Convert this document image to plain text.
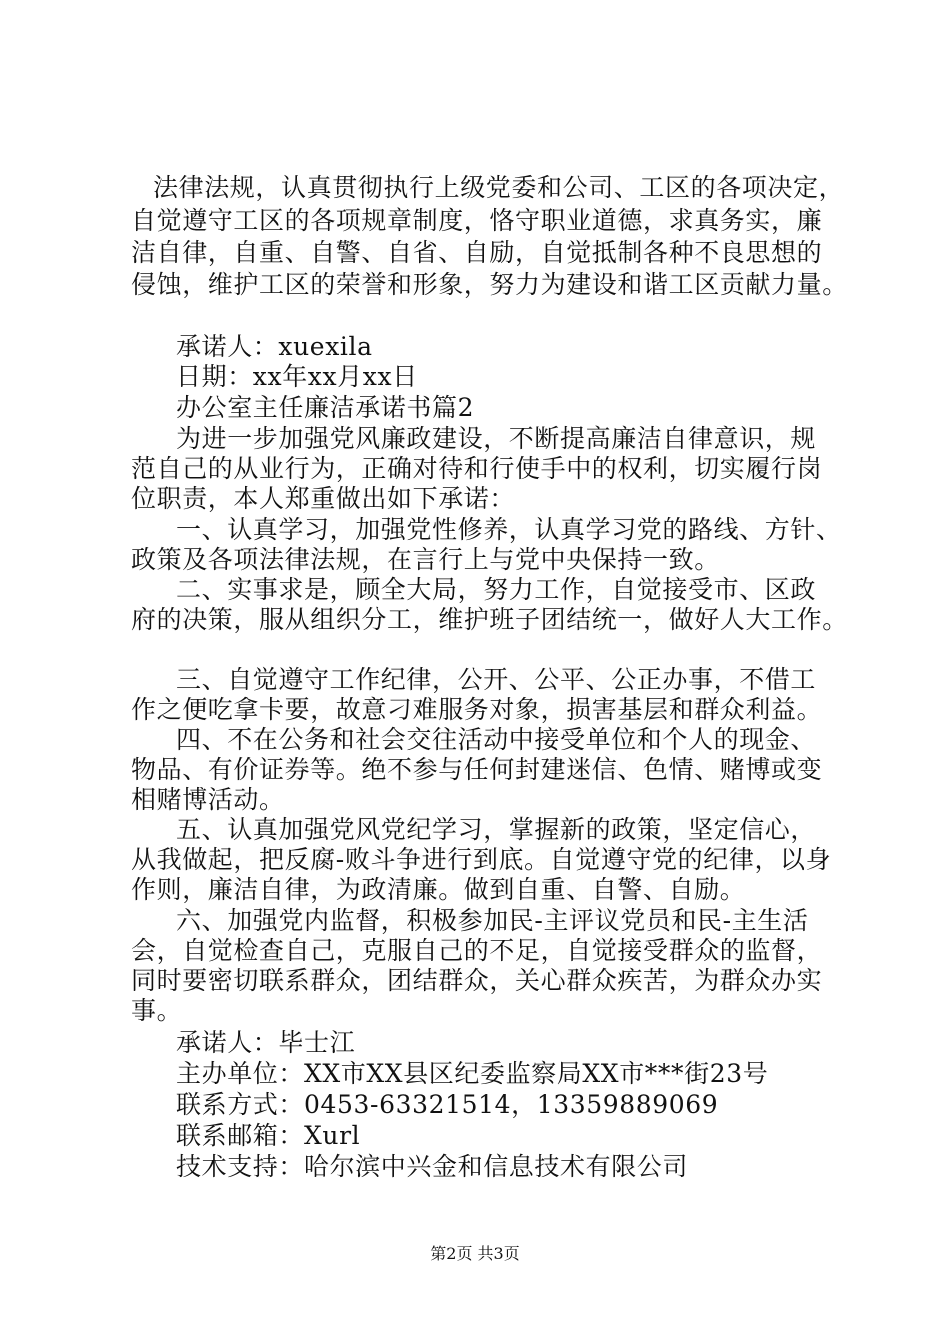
法律法规，认真贯彻执行上级党委和公司、工区的各项决定，
自觉遵守工区的各项规章制度，恪守职业道德，求真务实，廉
洁自律，自重、自警、自省、自励，自觉抵制各种不良思想的
侵蚀，维护工区的荣誉和形象，努力为建设和谐工区贡献力量。
承诺人：xuexila
日期：xx年xx月xx日
办公室主任廉洁承诺书篇2
为进一步加强党风廉政建设，不断提高廉洁自律意识，规
范自己的从业行为，正确对待和行使手中的权利，切实履行岗
位职责，本人郑重做出如下承诺：
一、认真学习，加强党性修养，认真学习党的路线、方针、
政策及各项法律法规，在言行上与党中央保持一致。
二、实事求是，顾全大局，努力工作，自觉接受市、区政
府的决策，服从组织分工，维护班子团结统一，做好人大工作。
三、自觉遵守工作纪律，公开、公平、公正办事，不借工
作之便吃拿卡要，故意刁难服务对象，损害基层和群众利益。
四、不在公务和社会交往活动中接受单位和个人的现金、
物品、有价证券等。绝不参与任何封建迷信、色情、赌博或变
相赌博活动。
五、认真加强党风党纪学习，掌握新的政策，坚定信心，
从我做起，把反腐-败斗争进行到底。自觉遵守党的纪律，以身
作则，廉洁自律，为政清廉。做到自重、自警、自励。
六、加强党内监督，积极参加民-主评议党员和民-主生活
会，自觉检查自己，克服自己的不足，自觉接受群众的监督，
同时要密切联系群众，团结群众，关心群众疾苦，为群众办实
事。
承诺人：毕士江
主办单位：XX市XX县区纪委监察局XX市***街23号
联系方式：0453-63321514，13359889069
联系邮箱：Xurl
技术支持：哈尔滨中兴金和信息技术有限公司
第2页 共3页
